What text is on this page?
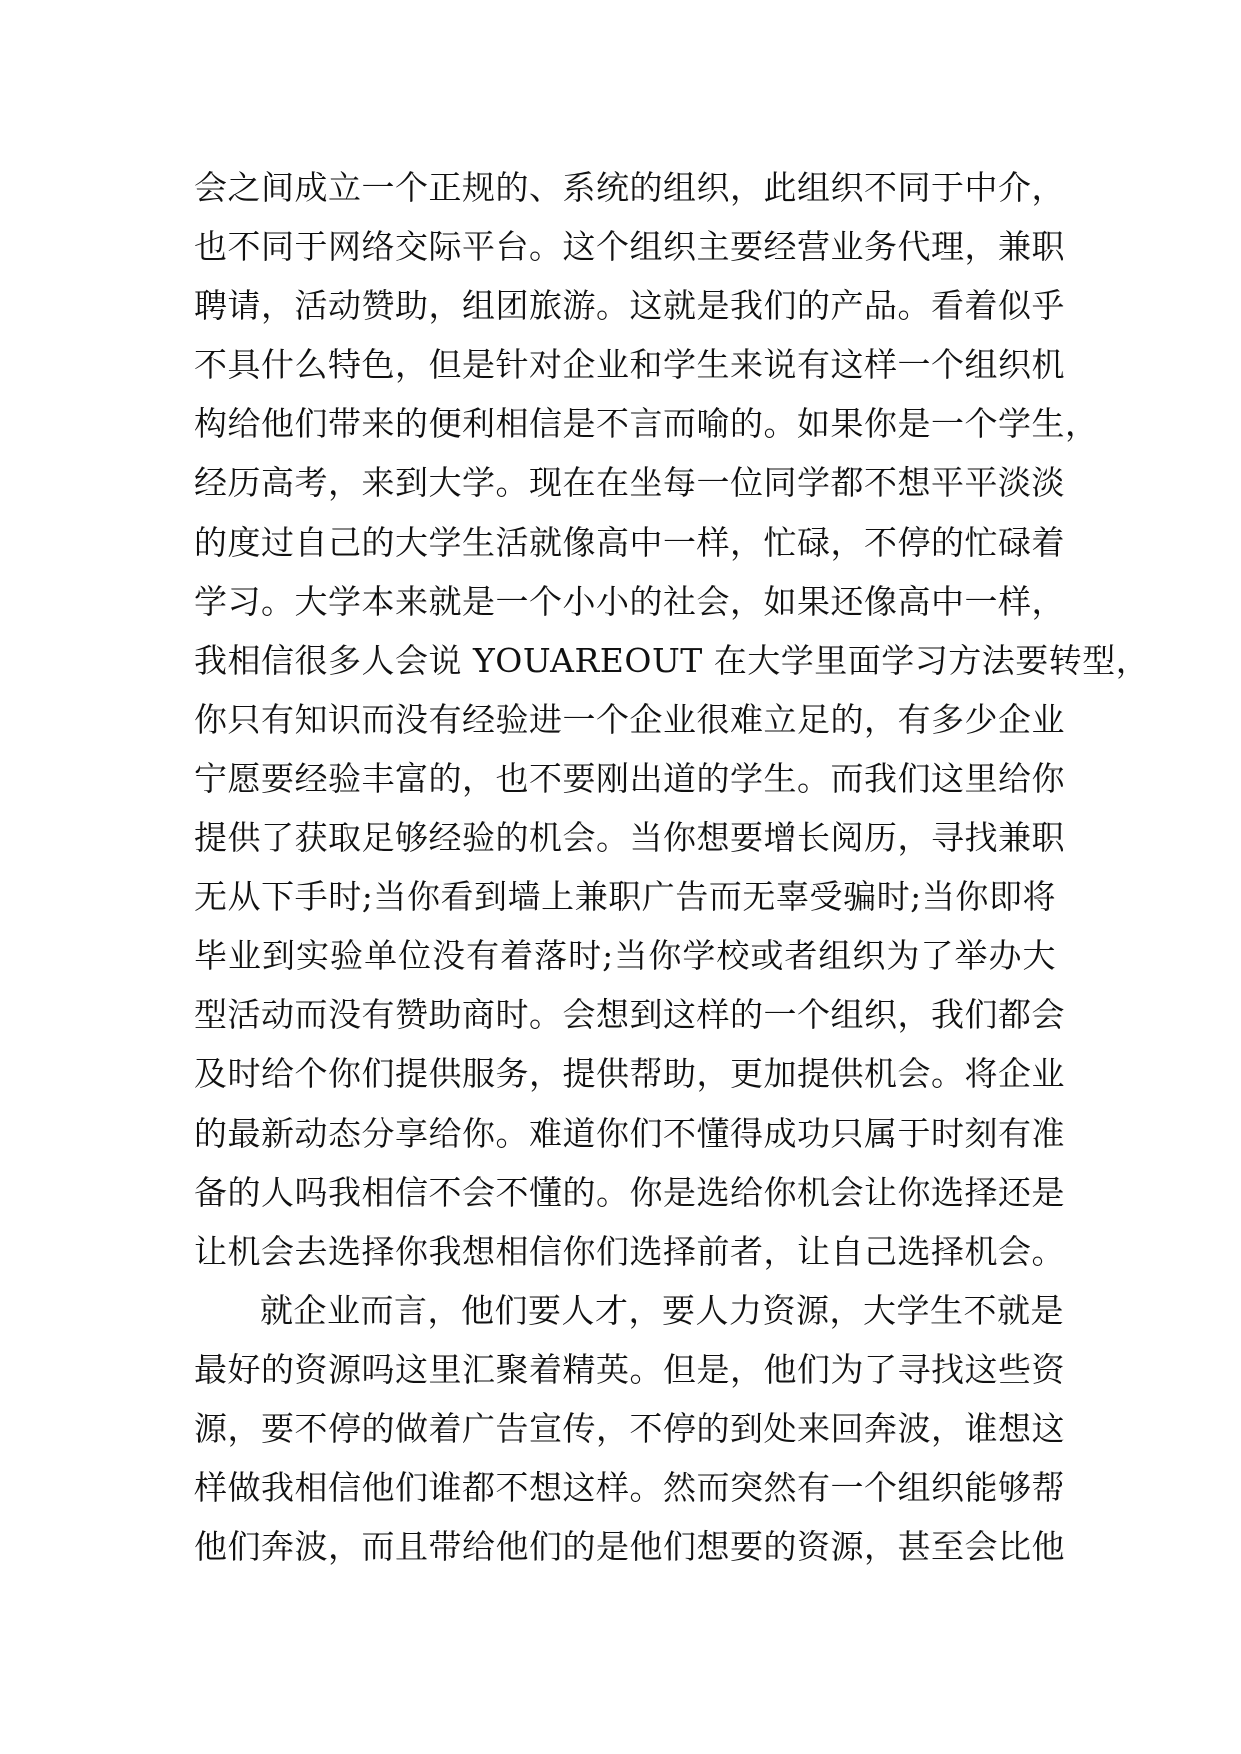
会之间成立一个正规的、系统的组织，此组织不同于中介，
也不同于网络交际平台。这个组织主要经营业务代理，兼职
聘请，活动赞助，组团旅游。这就是我们的产品。看着似乎
不具什么特色，但是针对企业和学生来说有这样一个组织机
构给他们带来的便利相信是不言而喻的。如果你是一个学生，
经历高考，来到大学。现在在坐每一位同学都不想平平淡淡
的度过自己的大学生活就像高中一样，忙碌，不停的忙碌着
学习。大学本来就是一个小小的社会，如果还像高中一样，
我相信很多人会说 YOUAREOUT 在大学里面学习方法要转型，
你只有知识而没有经验进一个企业很难立足的，有多少企业
宁愿要经验丰富的，也不要刚出道的学生。而我们这里给你
提供了获取足够经验的机会。当你想要增长阅历，寻找兼职
无从下手时;当你看到墙上兼职广告而无辜受骗时;当你即将
毕业到实验单位没有着落时;当你学校或者组织为了举办大
型活动而没有赞助商时。会想到这样的一个组织，我们都会
及时给个你们提供服务，提供帮助，更加提供机会。将企业
的最新动态分享给你。难道你们不懂得成功只属于时刻有准
备的人吗我相信不会不懂的。你是选给你机会让你选择还是
让机会去选择你我想相信你们选择前者，让自己选择机会。
就企业而言，他们要人才，要人力资源，大学生不就是
最好的资源吗这里汇聚着精英。但是，他们为了寻找这些资
源，要不停的做着广告宣传，不停的到处来回奔波，谁想这
样做我相信他们谁都不想这样。然而突然有一个组织能够帮
他们奔波，而且带给他们的是他们想要的资源，甚至会比他
